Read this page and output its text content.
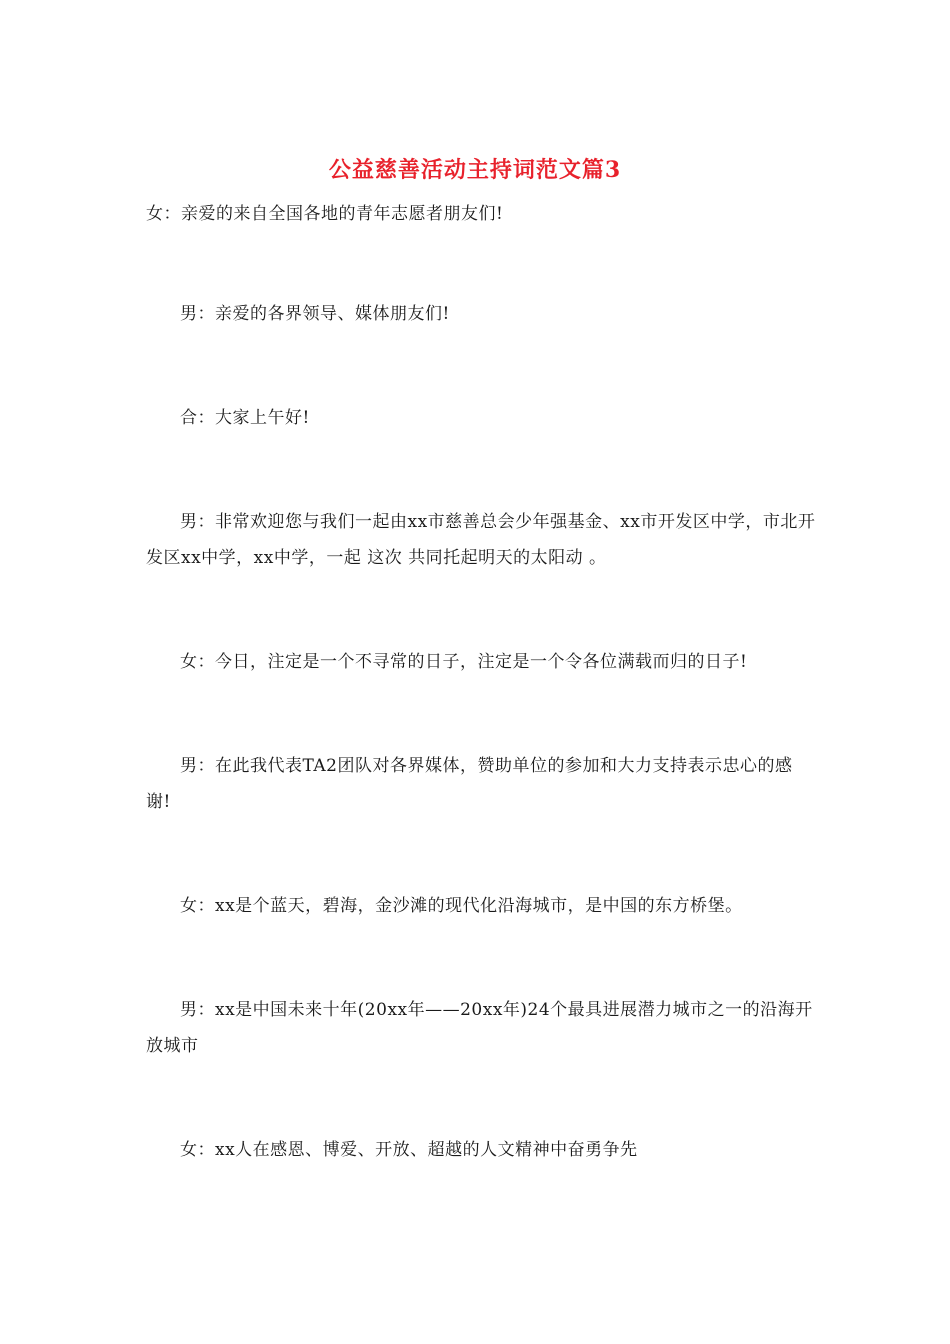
公益慈善活动主持词范文篇3

女：亲爱的来自全国各地的青年志愿者朋友们!

男：亲爱的各界领导、媒体朋友们!

合：大家上午好!

男：非常欢迎您与我们一起由xx市慈善总会少年强基金、xx市开发区中学，市北开发区xx中学，xx中学，一起 这次 共同托起明天的太阳动 。

女：今日，注定是一个不寻常的日子，注定是一个令各位满载而归的日子!

男：在此我代表TA2团队对各界媒体，赞助单位的参加和大力支持表示忠心的感谢!

女：xx是个蓝天，碧海，金沙滩的现代化沿海城市，是中国的东方桥堡。

男：xx是中国未来十年(20xx年——20xx年)24个最具进展潜力城市之一的沿海开放城市

女：xx人在感恩、博爱、开放、超越的人文精神中奋勇争先
